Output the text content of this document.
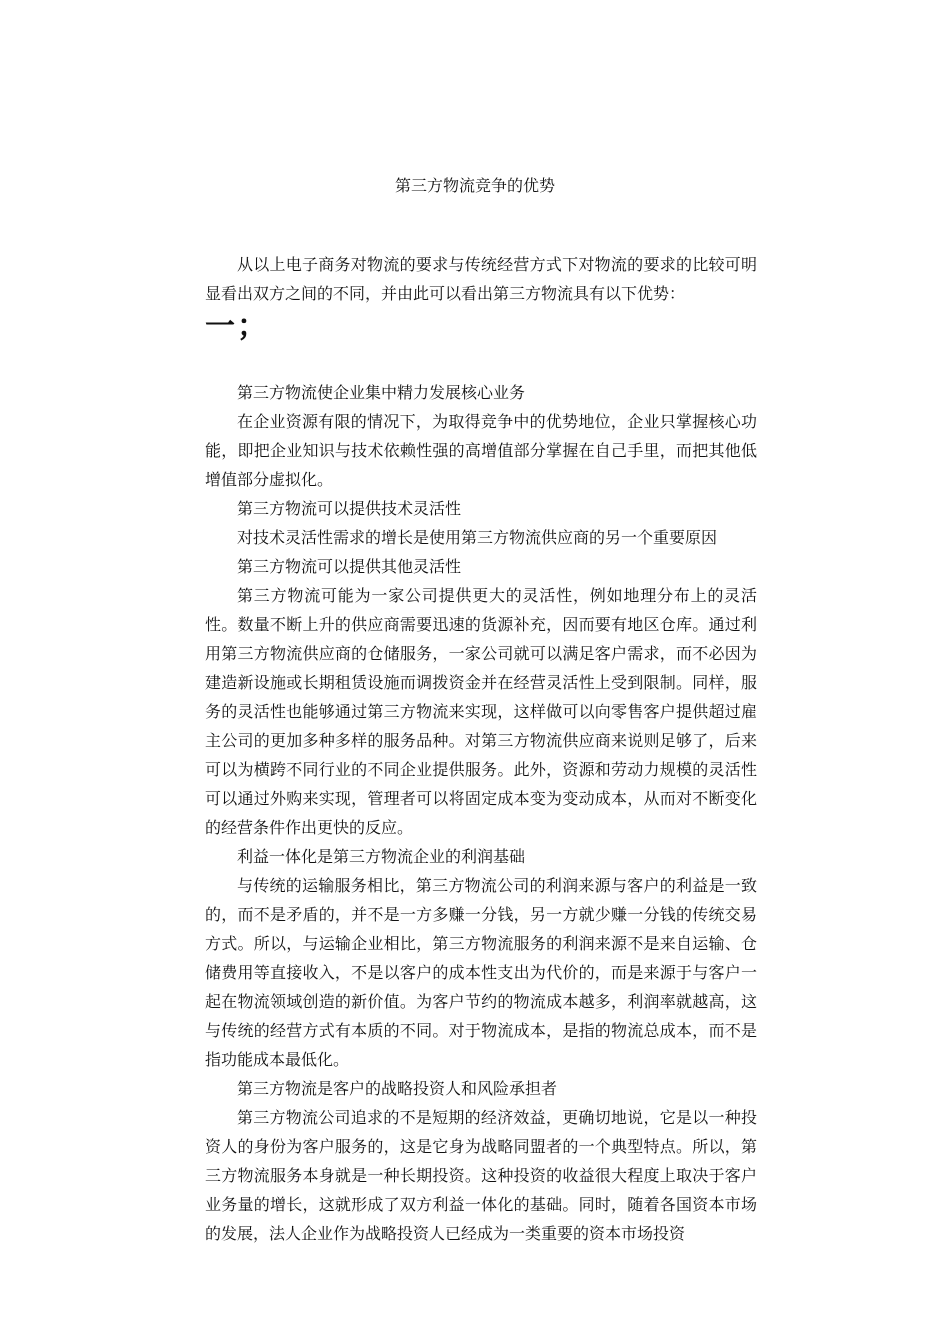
第三方物流竞争的优势

从以上电子商务对物流的要求与传统经营方式下对物流的要求的比较可明显看出双方之间的不同，并由此可以看出第三方物流具有以下优势：

一；

第三方物流使企业集中精力发展核心业务

在企业资源有限的情况下，为取得竞争中的优势地位，企业只掌握核心功能，即把企业知识与技术依赖性强的高增值部分掌握在自己手里，而把其他低增值部分虚拟化。

第三方物流可以提供技术灵活性

对技术灵活性需求的增长是使用第三方物流供应商的另一个重要原因

第三方物流可以提供其他灵活性

第三方物流可能为一家公司提供更大的灵活性，例如地理分布上的灵活性。数量不断上升的供应商需要迅速的货源补充，因而要有地区仓库。通过利用第三方物流供应商的仓储服务，一家公司就可以满足客户需求，而不必因为建造新设施或长期租赁设施而调拨资金并在经营灵活性上受到限制。同样，服务的灵活性也能够通过第三方物流来实现，这样做可以向零售客户提供超过雇主公司的更加多种多样的服务品种。对第三方物流供应商来说则足够了，后来可以为横跨不同行业的不同企业提供服务。此外，资源和劳动力规模的灵活性可以通过外购来实现，管理者可以将固定成本变为变动成本，从而对不断变化的经营条件作出更快的反应。

利益一体化是第三方物流企业的利润基础

与传统的运输服务相比，第三方物流公司的利润来源与客户的利益是一致的，而不是矛盾的，并不是一方多赚一分钱，另一方就少赚一分钱的传统交易方式。所以，与运输企业相比，第三方物流服务的利润来源不是来自运输、仓储费用等直接收入，不是以客户的成本性支出为代价的，而是来源于与客户一起在物流领域创造的新价值。为客户节约的物流成本越多，利润率就越高，这与传统的经营方式有本质的不同。对于物流成本，是指的物流总成本，而不是指功能成本最低化。

第三方物流是客户的战略投资人和风险承担者

第三方物流公司追求的不是短期的经济效益，更确切地说，它是以一种投资人的身份为客户服务的，这是它身为战略同盟者的一个典型特点。所以，第三方物流服务本身就是一种长期投资。这种投资的收益很大程度上取决于客户业务量的增长，这就形成了双方利益一体化的基础。同时，随着各国资本市场的发展，法人企业作为战略投资人已经成为一类重要的资本市场投资
